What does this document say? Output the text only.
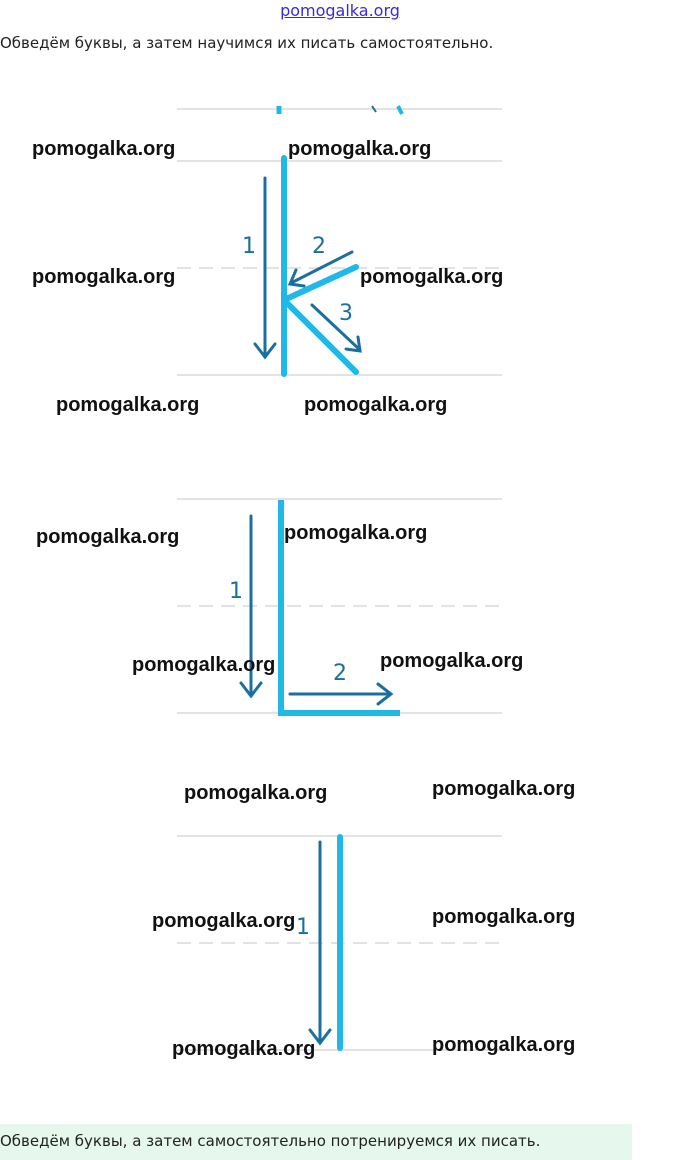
pomogalka.org
Обведём буквы, а затем научимся их писать самостоятельно.
1	2
3
1
2
1
pomogalka.org	pomogalka.org
pomogalka.org	pomogalka.org
pomogalka.org	pomogalka.org
pomogalka.org	pomogalka.org
pomogalka.org	pomogalka.org
pomogalka.org	pomogalka.org
pomogalka.org	pomogalka.org
pomogalka.org	pomogalka.org
Обведём буквы, а затем самостоятельно потренируемся их писать.
